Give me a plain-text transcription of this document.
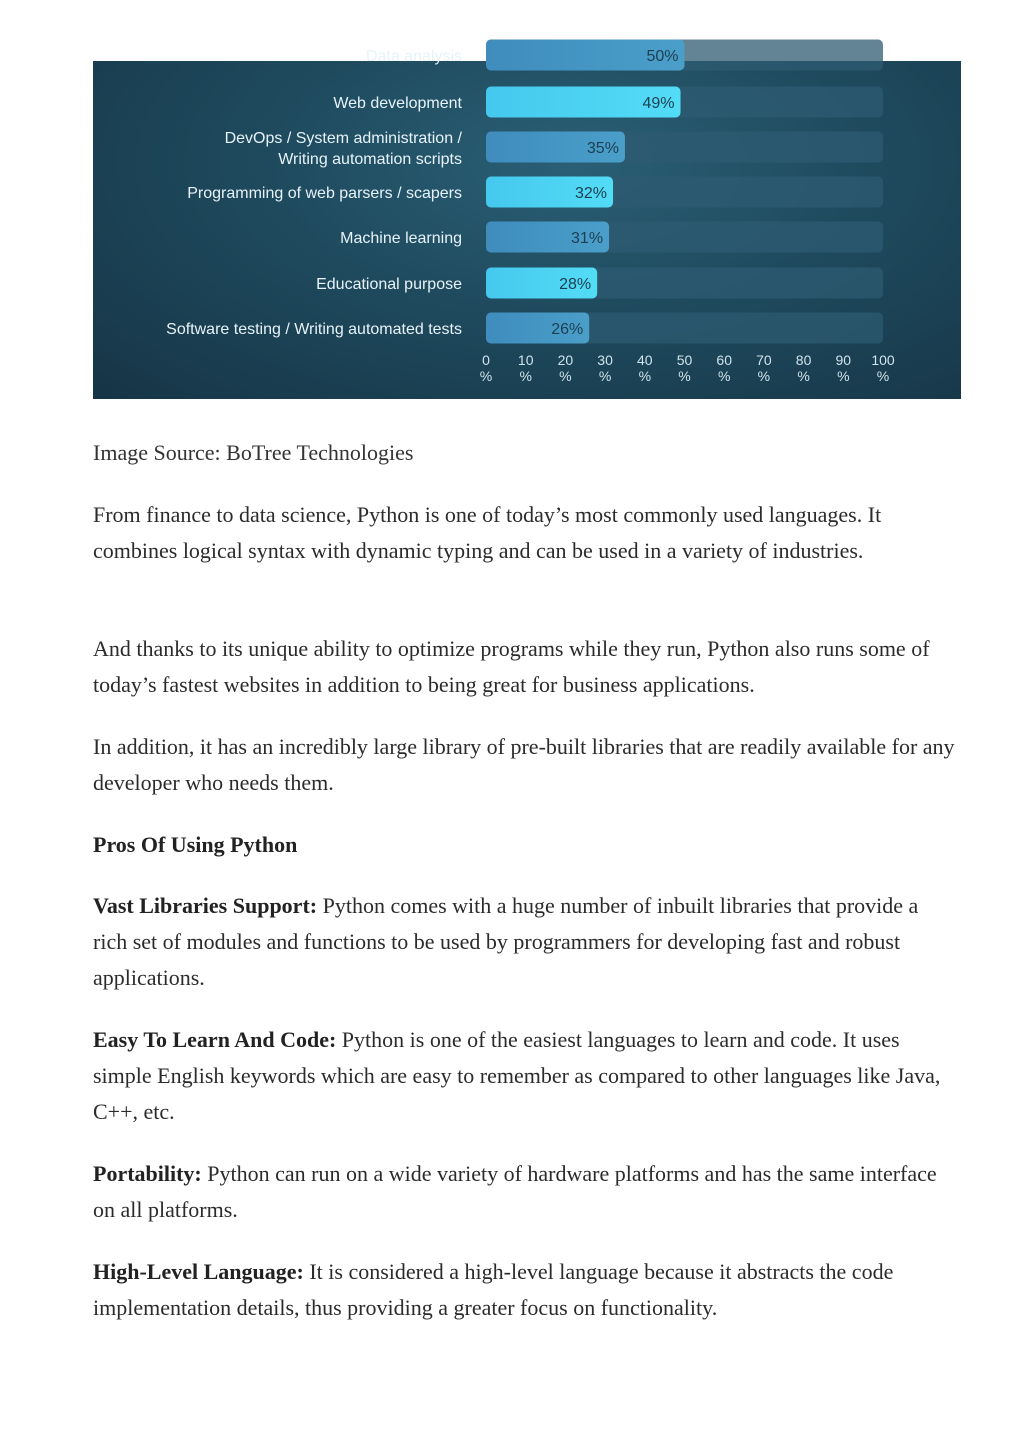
50%
Data analysis
49%
Web development
35%
DevOps / System administration / Writing automation scripts
32%
Programming of web parsers / scapers
31%
Machine learning
28%
Educational purpose
26%
Software testing / Writing automated tests
0
%
10
%
20
%
30
%
40
%
50
%
60
%
70
%
80
%
90
%
100
%
Image Source: BoTree Technologies

From finance to data science, Python is one of today’s most commonly used languages. It combines logical syntax with dynamic typing and can be used in a variety of industries.

And thanks to its unique ability to optimize programs while they run, Python also runs some of today’s fastest websites in addition to being great for business applications.

In addition, it has an incredibly large library of pre-built libraries that are readily available for any developer who needs them.

Pros Of Using Python

Vast Libraries Support: Python comes with a huge number of inbuilt libraries that provide a rich set of modules and functions to be used by programmers for developing fast and robust applications.

Easy To Learn And Code: Python is one of the easiest languages to learn and code. It uses simple English keywords which are easy to remember as compared to other languages like Java, C++, etc.

Portability: Python can run on a wide variety of hardware platforms and has the same interface on all platforms.

High-Level Language: It is considered a high-level language because it abstracts the code implementation details, thus providing a greater focus on functionality.
